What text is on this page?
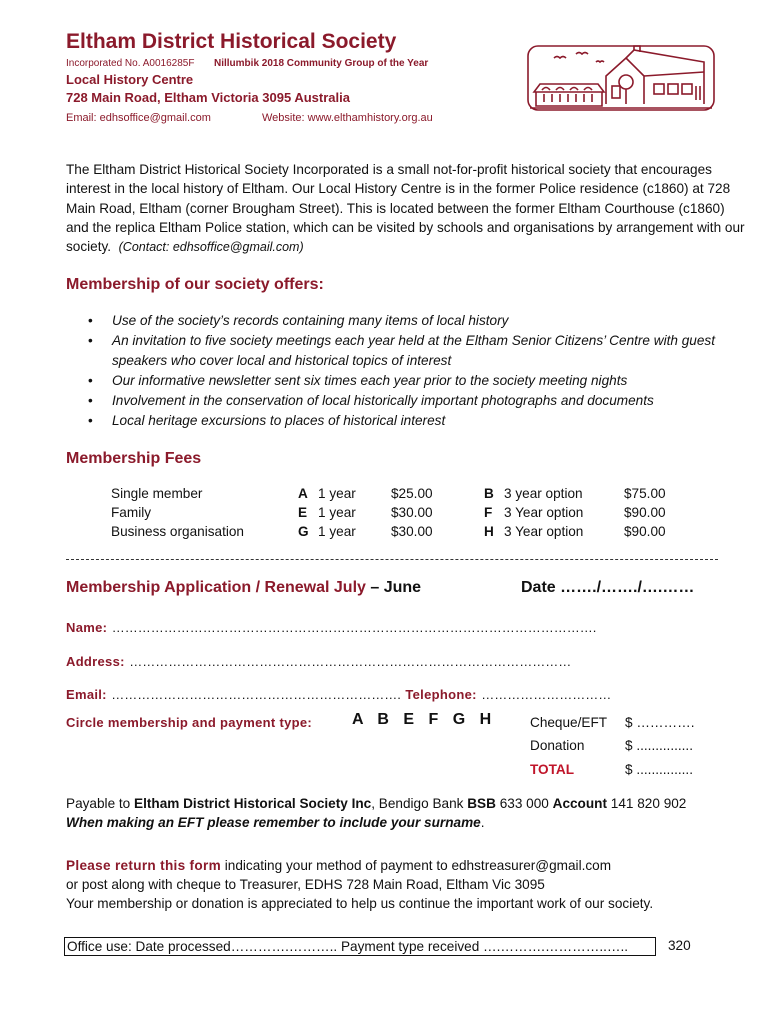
Eltham District Historical Society
Incorporated No. A0016285F Nillumbik 2018 Community Group of the Year
Local History Centre
728 Main Road, Eltham Victoria 3095 Australia
Email: edhsoffice@gmail.com	Website: www.elthamhistory.org.au
The Eltham District Historical Society Incorporated is a small not-for-profit historical society that encourages interest in the local history of Eltham. Our Local History Centre is in the former Police residence (c1860) at 728 Main Road, Eltham (corner Brougham Street). This is located between the former Eltham Courthouse (c1860) and the replica Eltham Police station, which can be visited by schools and organisations by arrangement with our society. (Contact: edhsoffice@gmail.com)
Membership of our society offers:
• Use of the society’s records containing many items of local history
• An invitation to five society meetings each year held at the Eltham Senior Citizens’ Centre with guest speakers who cover local and historical topics of interest
• Our informative newsletter sent six times each year prior to the society meeting nights
• Involvement in the conservation of local historically important photographs and documents
• Local heritage excursions to places of historical interest
Membership Fees
Single member	A 1 year	$25.00	B 3 year option	$75.00
Family	E 1 year	$30.00	F 3 Year option	$90.00
Business organisation	G 1 year	$30.00	H 3 Year option	$90.00
Membership Application / Renewal July – June	Date ……./……./….……
Name: ………………………………………………………………………………………………….
Address: …………………………………………………………………………………………
Email: …………………………………………………………. Telephone: …………………………
Circle membership and payment type: A B E F G H Cheque/EFT $ ………….
Donation	$ ...............
TOTAL	$ ...............
Payable to Eltham District Historical Society Inc, Bendigo Bank BSB 633 000 Account 141 820 902
When making an EFT please remember to include your surname.
Please return this form indicating your method of payment to edhstreasurer@gmail.com
or post along with cheque to Treasurer, EDHS 728 Main Road, Eltham Vic 3095
Your membership or donation is appreciated to help us continue the important work of our society.
Office use: Date processed………….……….. Payment type received ….……….…………..…..	320
